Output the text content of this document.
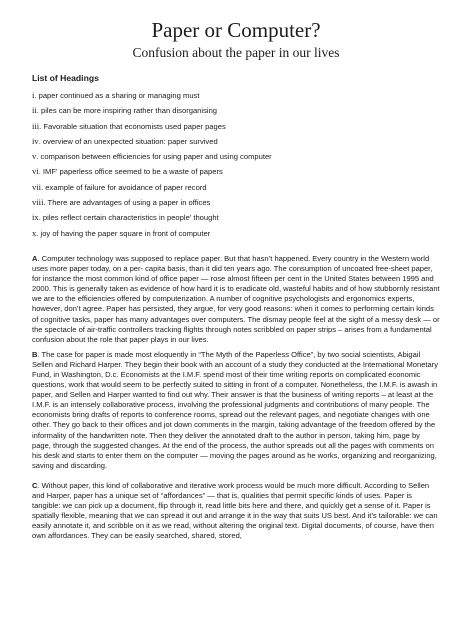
Paper or Computer?
Confusion about the paper in our lives
List of Headings
i. paper continued as a sharing or managing must
ii. piles can be more inspiring rather than disorganising
iii. Favorable situation that economists used paper pages
iv. overview of an unexpected situation: paper survived
v. comparison between efficiencies for using paper and using computer
vi. IMF' paperless office seemed to be a waste of papers
vii. example of failure for avoidance of paper record
viii. There are advantages of using a paper in offices
ix. piles reflect certain characteristics in people' thought
x. joy of having the paper square in front of computer

A. Computer technology was supposed to replace paper. But that hasn’t happened. Every country in the Western world uses more paper today, on a per- capita basis, than it did ten years ago. The consumption of uncoated free-sheet paper, for instance the most common kind of office paper — rose almost fifteen per cent in the United States between 1995 and 2000. This is generally taken as evidence of how hard it is to eradicate old, wasteful habits and of how stubbornly resistant we are to the efficiencies offered by computerization. A number of cognitive psychologists and ergonomics experts, however, don’t agree. Paper has persisted, they argue, for very good reasons: when it comes to performing certain kinds of cognitive tasks, paper has many advantages over computers. The dismay people feel at the sight of a messy desk — or the spectacle of air-traffic controllers tracking flights through notes scribbled on paper strips – arises from a fundamental confusion about the role that paper plays in our lives.

B. The case for paper is made most eloquently in “The Myth of the Paperless Office”, by two social scientists, Abigail Sellen and Richard Harper. They begin their book with an account of a study they conducted at the International Monetary Fund, in Washington, D.c. Economists at the I.M.F. spend most of their time writing reports on complicated economic questions, work that would seem to be perfectly suited to sitting in front of a computer. Nonetheless, the I.M.F. is awash in paper, and Sellen and Harper wanted to find out why. Their answer is that the business of writing reports – at least at the I.M.F. is an intensely collaborative process, involving the professional judgments and contributions of many people. The economists bring drafts of reports to conference rooms, spread out the relevant pages, and negotiate changes with one other. They go back to their offices and jot down comments in the margin, taking advantage of the freedom offered by the informality of the handwritten note. Then they deliver the annotated draft to the author in person, taking him, page by page, through the suggested changes. At the end of the process, the author spreads out all the pages with comments on his desk and starts to enter them on the computer — moving the pages around as he works, organizing and reorganizing, saving and discarding.

C. Without paper, this kind of collaborative and iterative work process would be much more difficult. According to Sellen and Harper, paper has a unique set of “affordances” — that is, qualities that permit specific kinds of uses. Paper is tangible: we can pick up a document, flip through it, read little bits here and there, and quickly get a sense of it. Paper is spatially flexible, meaning that we can spread it out and arrange it in the way that suits US best. And it’s tailorable: we can easily annotate it, and scribble on it as we read, without altering the original text. Digital documents, of course, have then own affordances. They can be easily searched, shared, stored,
